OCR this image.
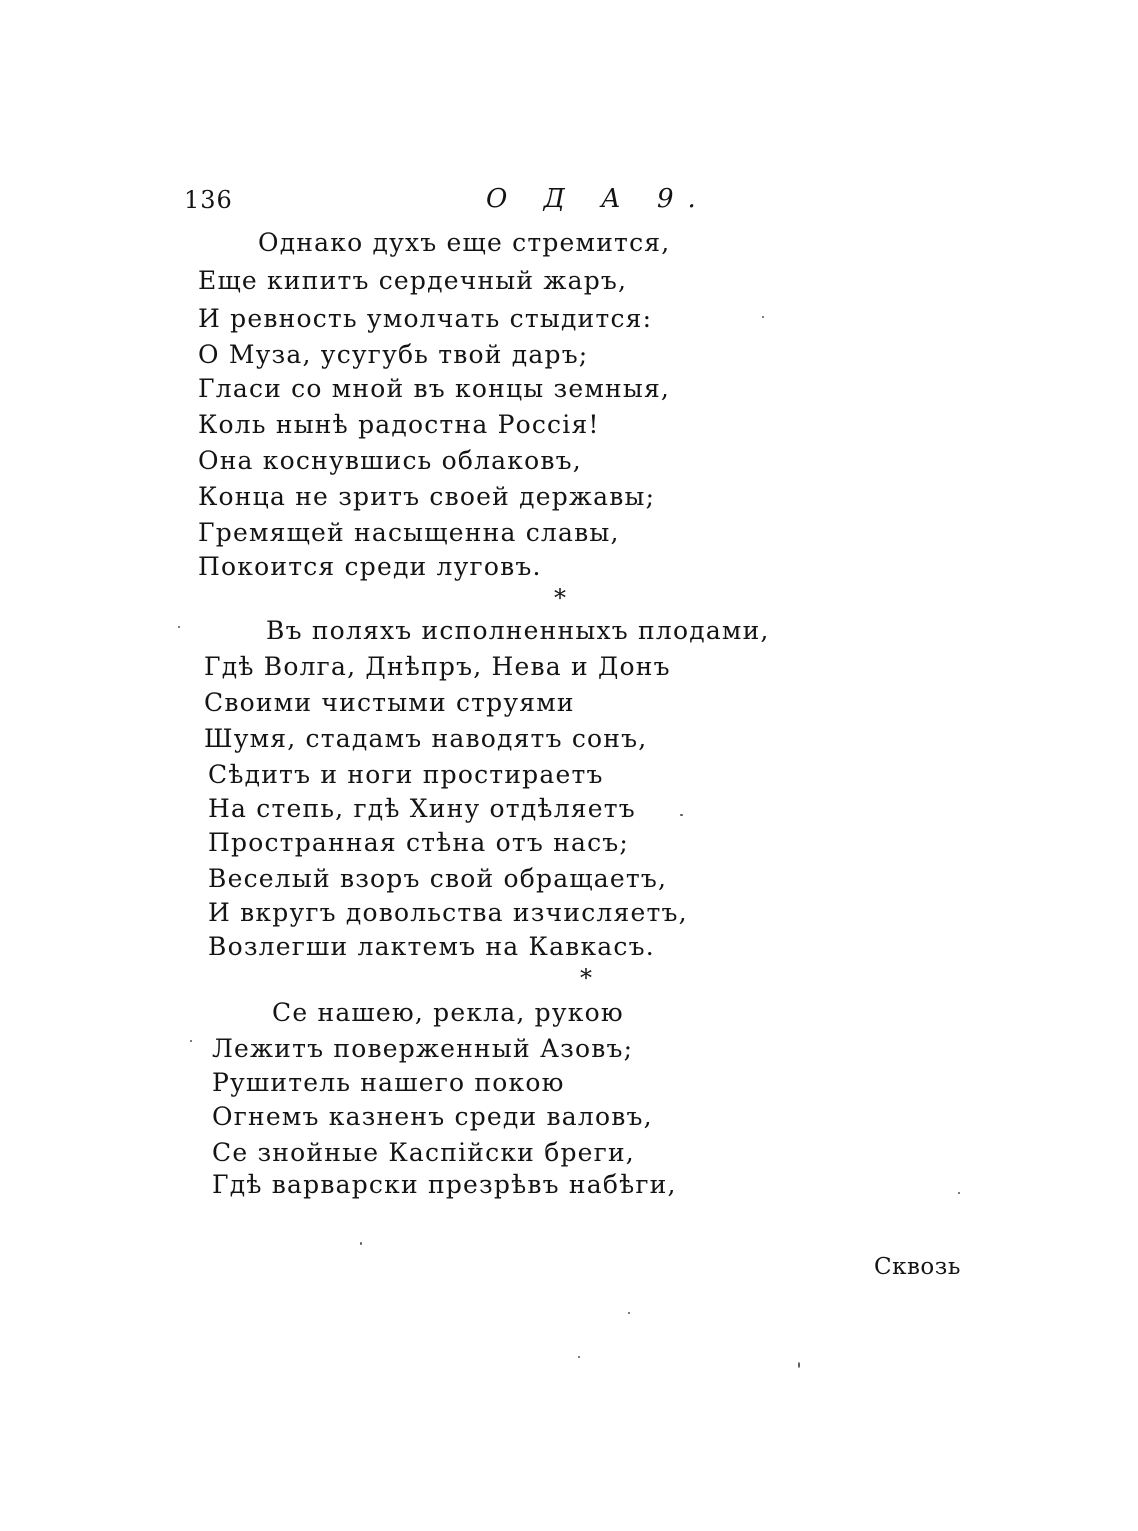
136	О Д А 9.
Однако духъ еще стремится,
Еще кипитъ сердечный жаръ,
И ревность умолчать стыдится:
О Муза, усугубь твой даръ;
Гласи со мной въ концы земныя,
Коль нынѣ радостна Россія!
Она коснувшись облаковъ,
Конца не зритъ своей державы;
Гремящей насыщенна славы,
Покоится среди луговъ.
*
Въ поляхъ исполненныхъ плодами,
Гдѣ Волга, Днѣпръ, Нева и Донъ
Своими чистыми струями
Шумя, стадамъ наводятъ сонъ,
Сѣдитъ и ноги простираетъ
На степь, гдѣ Хину отдѣляетъ
Пространная стѣна отъ насъ;
Веселый взоръ свой обращаетъ,
И вкругъ довольства изчисляетъ,
Возлегши лактемъ на Кавкасъ.
*
Се нашею, рекла, рукою
Лежитъ поверженный Азовъ;
Рушитель нашего покою
Огнемъ казненъ среди валовъ,
Се знойные Каспійски бреги,
Гдѣ варварски презрѣвъ набѣги,
Сквозь
